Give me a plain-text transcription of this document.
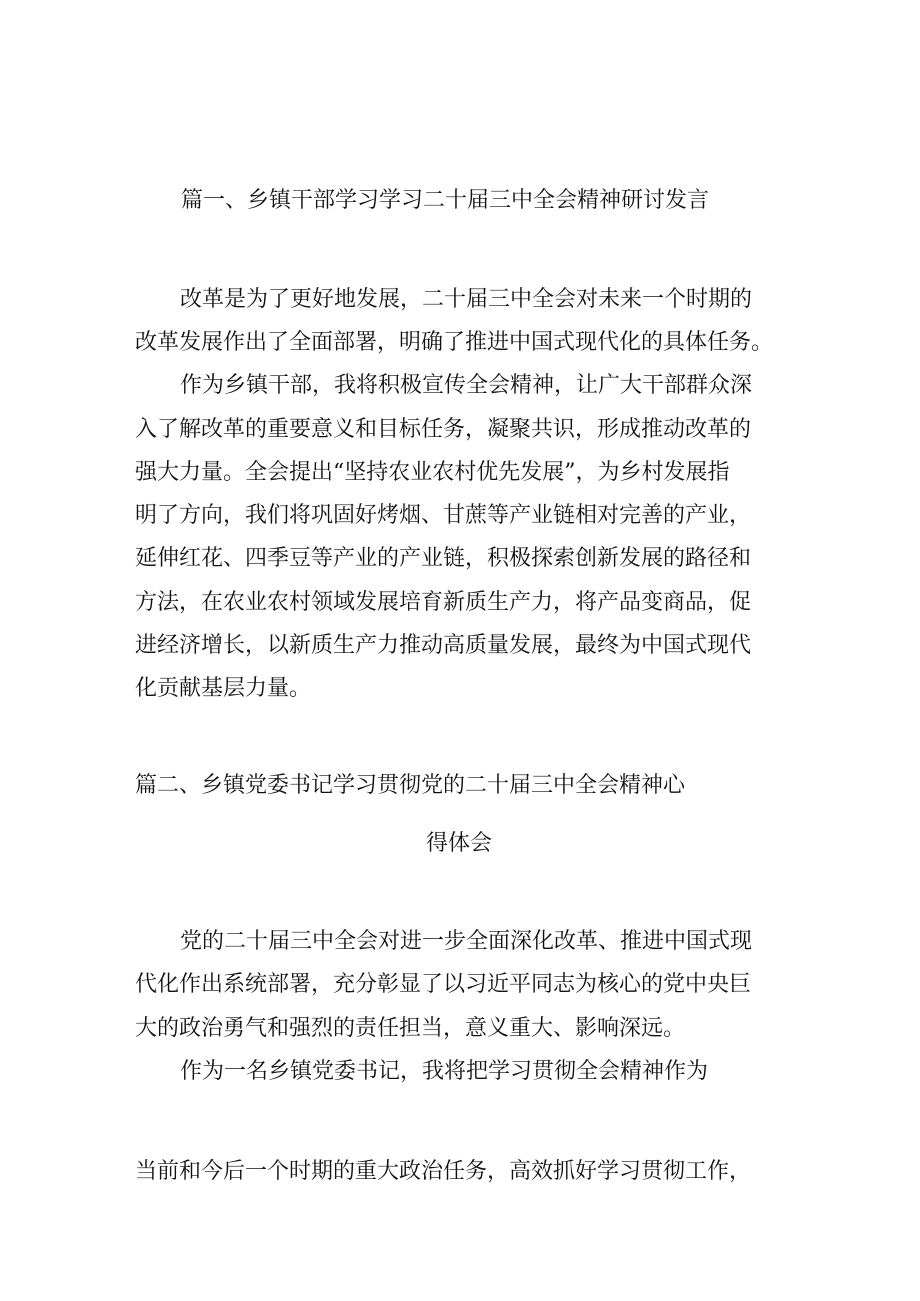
篇一、乡镇干部学习学习二十届三中全会精神研讨发言
改革是为了更好地发展，二十届三中全会对未来一个时期的
改革发展作出了全面部署，明确了推进中国式现代化的具体任务。
作为乡镇干部，我将积极宣传全会精神，让广大干部群众深
入了解改革的重要意义和目标任务，凝聚共识，形成推动改革的
强大力量。全会提出“坚持农业农村优先发展”，为乡村发展指
明了方向，我们将巩固好烤烟、甘蔗等产业链相对完善的产业，
延伸红花、四季豆等产业的产业链，积极探索创新发展的路径和
方法，在农业农村领域发展培育新质生产力，将产品变商品，促
进经济增长，以新质生产力推动高质量发展，最终为中国式现代
化贡献基层力量。
篇二、乡镇党委书记学习贯彻党的二十届三中全会精神心
得体会
党的二十届三中全会对进一步全面深化改革、推进中国式现
代化作出系统部署，充分彰显了以习近平同志为核心的党中央巨
大的政治勇气和强烈的责任担当，意义重大、影响深远。
作为一名乡镇党委书记，我将把学习贯彻全会精神作为
当前和今后一个时期的重大政治任务，高效抓好学习贯彻工作，
